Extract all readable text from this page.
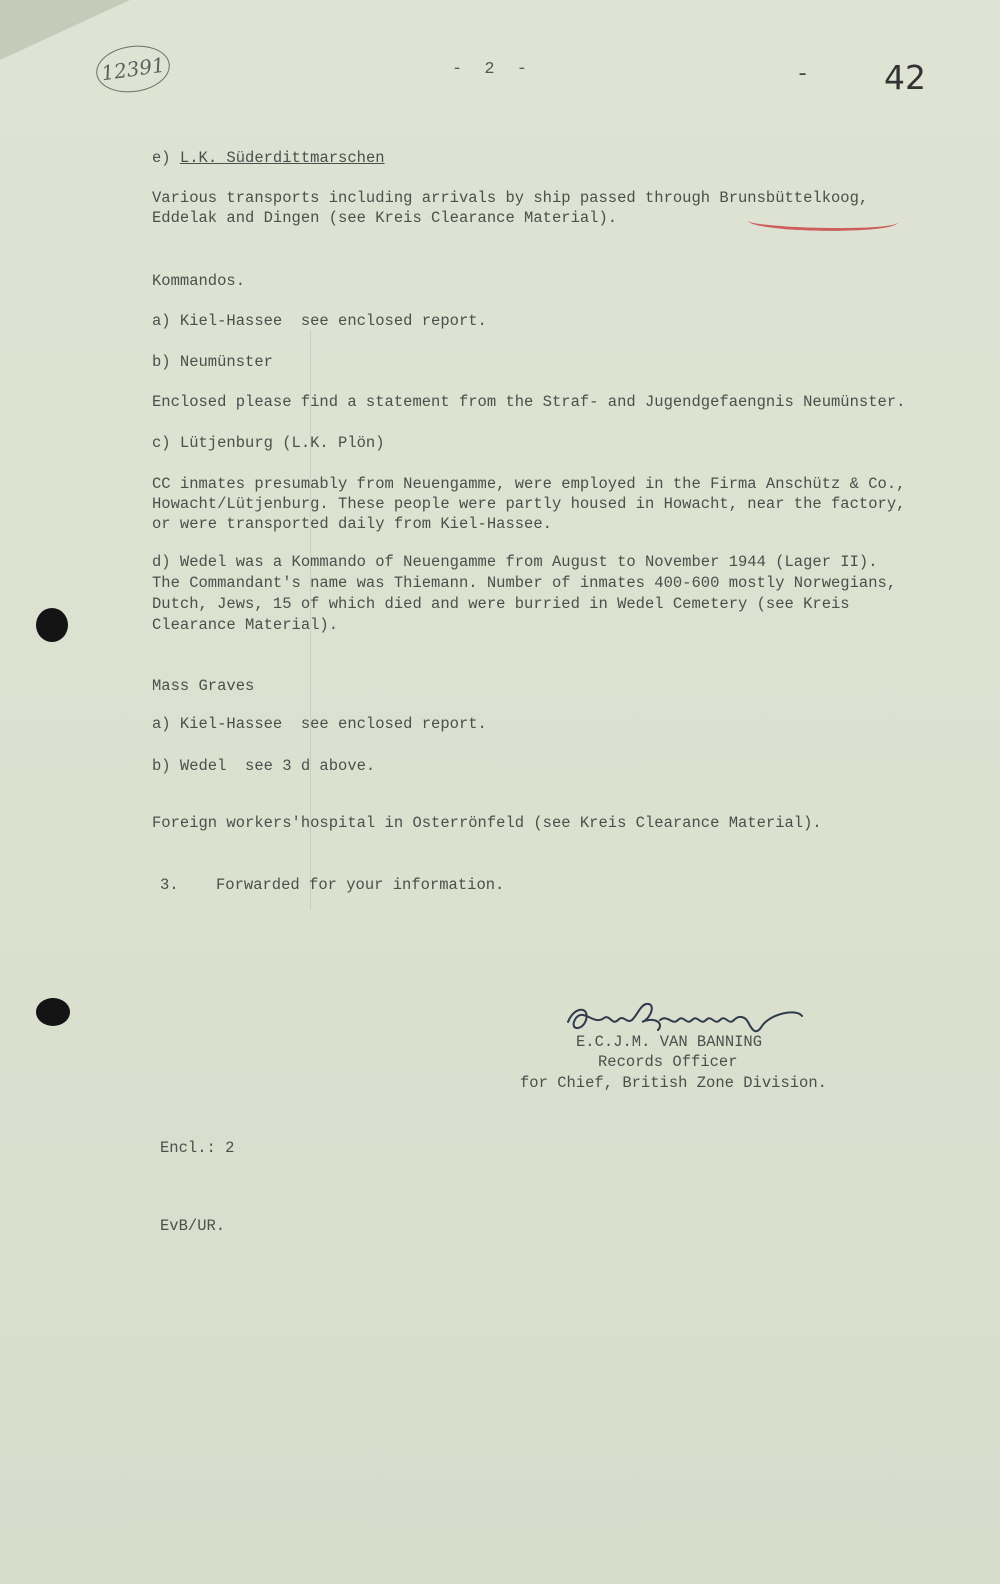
12391	- 2 -	- 42

e) L.K. Süderdittmarschen

Various transports including arrivals by ship passed through Brunsbüttelkoog,

Eddelak and Dingen (see Kreis Clearance Material).

Kommandos.

a) Kiel-Hassee  see enclosed report.

b) Neumünster

Enclosed please find a statement from the Straf- and Jugendgefaengnis Neumünster.

c) Lütjenburg (L.K. Plön)

CC inmates presumably from Neuengamme, were employed in the Firma Anschütz & Co.,

Howacht/Lütjenburg. These people were partly housed in Howacht, near the factory,

or were transported daily from Kiel-Hassee.

d) Wedel was a Kommando of Neuengamme from August to November 1944 (Lager II).

The Commandant's name was Thiemann. Number of inmates 400-600 mostly Norwegians,

Dutch, Jews, 15 of which died and were burried in Wedel Cemetery (see Kreis

Clearance Material).

Mass Graves

a) Kiel-Hassee  see enclosed report.

b) Wedel  see 3 d above.

Foreign workers'hospital in Osterrönfeld (see Kreis Clearance Material).

3. Forwarded for your information.

E.C.J.M. VAN BANNING
Records Officer
for Chief, British Zone Division.

Encl.: 2

EvB/UR.
